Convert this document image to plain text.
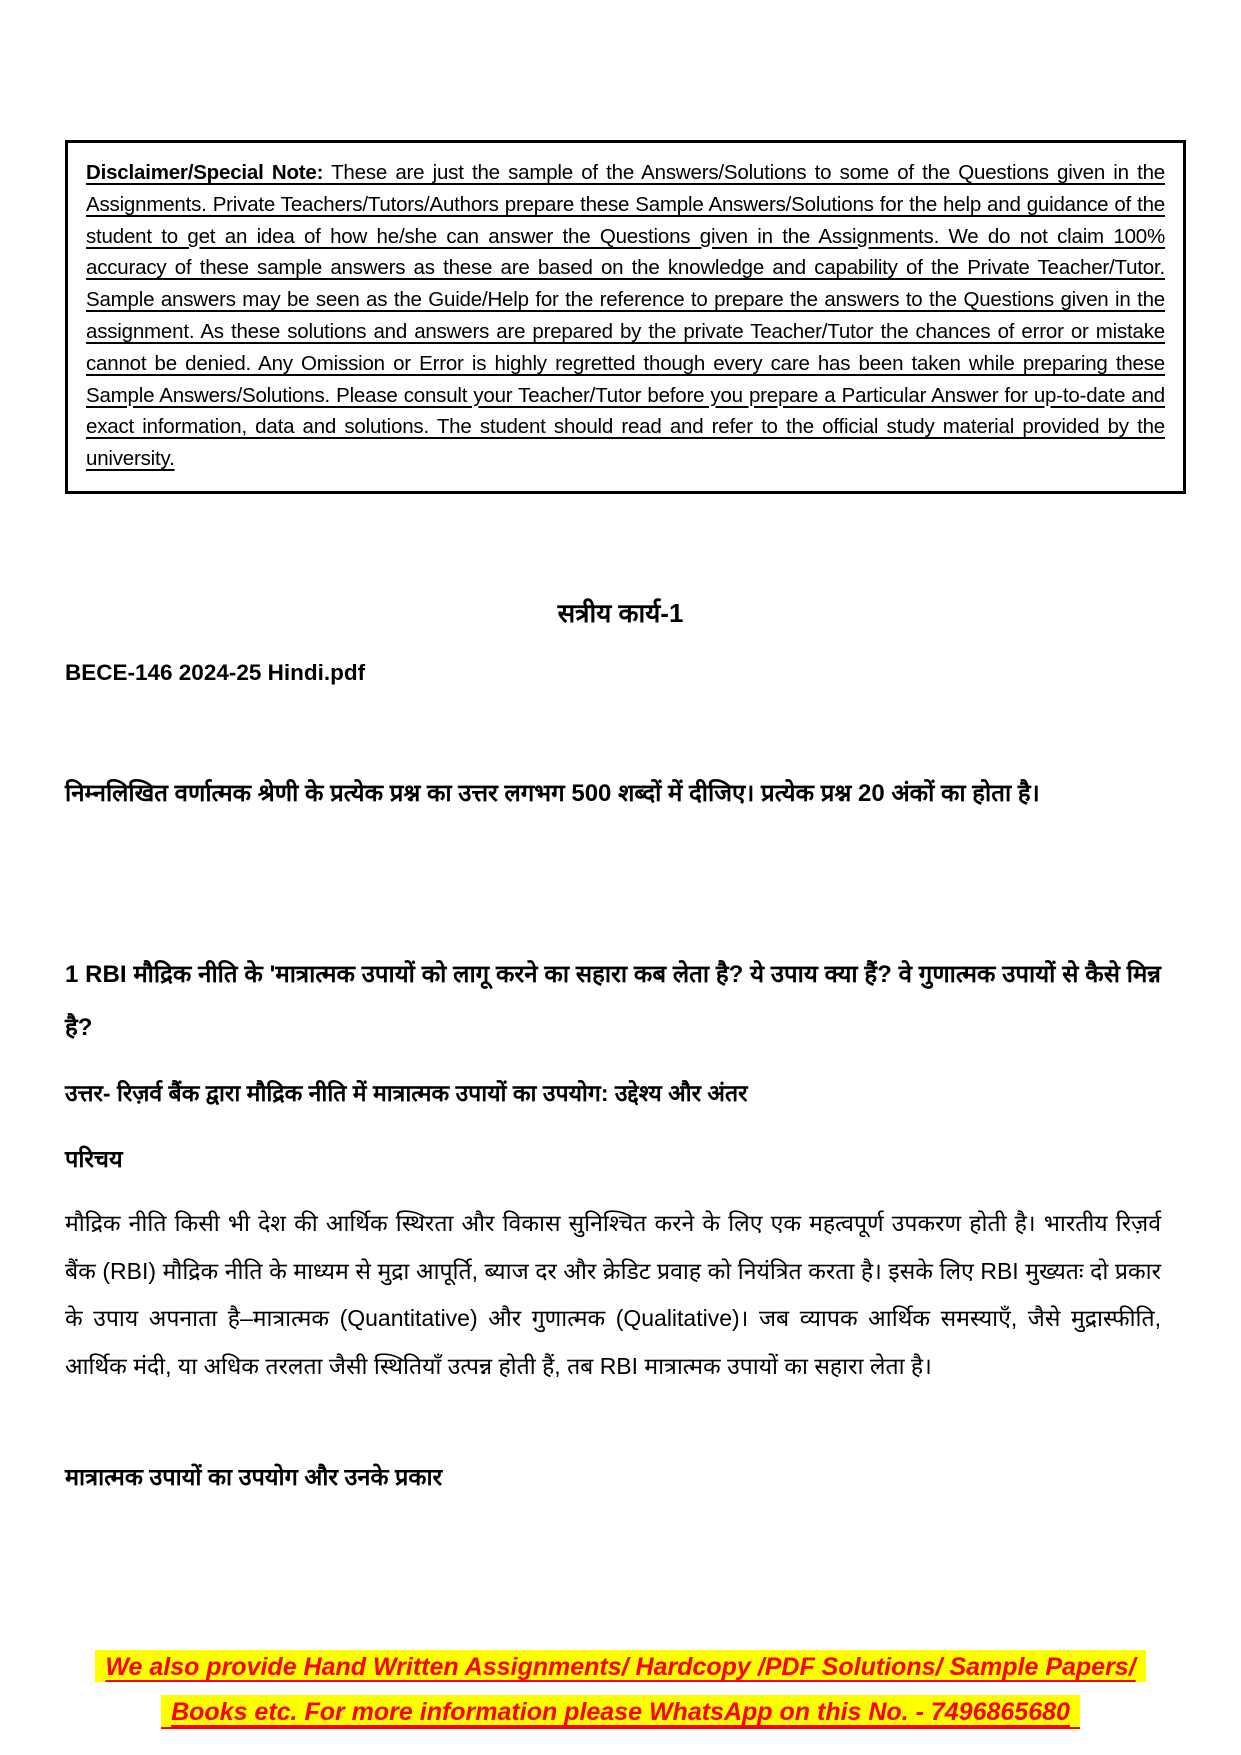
Disclaimer/Special Note: These are just the sample of the Answers/Solutions to some of the Questions given in the Assignments. Private Teachers/Tutors/Authors prepare these Sample Answers/Solutions for the help and guidance of the student to get an idea of how he/she can answer the Questions given in the Assignments. We do not claim 100% accuracy of these sample answers as these are based on the knowledge and capability of the Private Teacher/Tutor. Sample answers may be seen as the Guide/Help for the reference to prepare the answers to the Questions given in the assignment. As these solutions and answers are prepared by the private Teacher/Tutor the chances of error or mistake cannot be denied. Any Omission or Error is highly regretted though every care has been taken while preparing these Sample Answers/Solutions. Please consult your Teacher/Tutor before you prepare a Particular Answer for up-to-date and exact information, data and solutions. The student should read and refer to the official study material provided by the university.

सत्रीय कार्य-1
BECE-146 2024-25 Hindi.pdf
निम्नलिखित वर्णात्मक श्रेणी के प्रत्येक प्रश्न का उत्तर लगभग 500 शब्दों में दीजिए। प्रत्येक प्रश्न 20 अंकों का होता है।
1 RBI मौद्रिक नीति के 'मात्रात्मक उपायों को लागू करने का सहारा कब लेता है? ये उपाय क्या हैं? वे गुणात्मक उपायों से कैसे मिन्न है?
उत्तर- रिज़र्व बैंक द्वारा मौद्रिक नीति में मात्रात्मक उपायों का उपयोग: उद्देश्य और अंतर
परिचय
मौद्रिक नीति किसी भी देश की आर्थिक स्थिरता और विकास सुनिश्चित करने के लिए एक महत्वपूर्ण उपकरण होती है। भारतीय रिज़र्व बैंक (RBI) मौद्रिक नीति के माध्यम से मुद्रा आपूर्ति, ब्याज दर और क्रेडिट प्रवाह को नियंत्रित करता है। इसके लिए RBI मुख्यतः दो प्रकार के उपाय अपनाता है–मात्रात्मक (Quantitative) और गुणात्मक (Qualitative)। जब व्यापक आर्थिक समस्याएँ, जैसे मुद्रास्फीति, आर्थिक मंदी, या अधिक तरलता जैसी स्थितियाँ उत्पन्न होती हैं, तब RBI मात्रात्मक उपायों का सहारा लेता है।
मात्रात्मक उपायों का उपयोग और उनके प्रकार
We also provide Hand Written Assignments/ Hardcopy /PDF Solutions/ Sample Papers/
Books etc. For more information please WhatsApp on this No. - 7496865680
